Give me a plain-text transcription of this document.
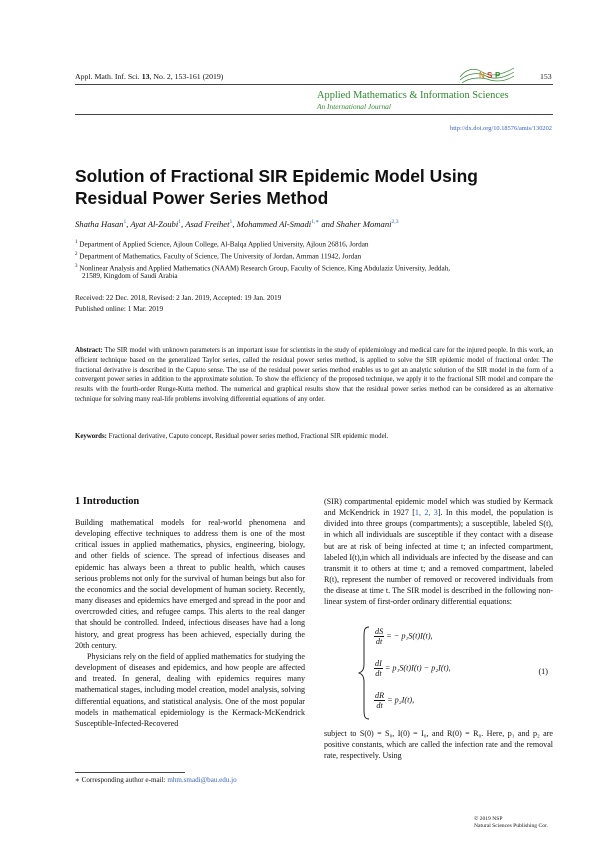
Appl. Math. Inf. Sci. 13, No. 2, 153-161 (2019)	N S P	153
Applied Mathematics & Information Sciences
An International Journal
http://dx.doi.org/10.18576/amis/130202
Solution of Fractional SIR Epidemic Model Using
Residual Power Series Method
Shatha Hasan$^1$, Ayat Al-Zoubi$^1$, Asad Freihet$^1$, Mohammed Al-Smadi$^{1,∗}$ and Shaher Momani$^{2,3}$
$^1$ Department of Applied Science, Ajloun College, Al-Balqa Applied University, Ajloun 26816, Jordan
$^2$ Department of Mathematics, Faculty of Science, The University of Jordan, Amman 11942, Jordan
$^3$ Nonlinear Analysis and Applied Mathematics (NAAM) Research Group, Faculty of Science, King Abdulaziz University, Jeddah,
21589, Kingdom of Saudi Arabia
Received: 22 Dec. 2018, Revised: 2 Jan. 2019, Accepted: 19 Jan. 2019
Published online: 1 Mar. 2019
Abstract: The SIR model with unknown parameters is an important issue for scientists in the study of epidemiology and medical care for the injured people. In this work, an efficient technique based on the generalized Taylor series, called the residual power series method, is applied to solve the SIR epidemic model of fractional order. The fractional derivative is described in the Caputo sense. The use of the residual power series method enables us to get an analytic solution of the SIR model in the form of a convergent power series in addition to the approximate solution. To show the efficiency of the proposed technique, we apply it to the fractional SIR model and compare the results with the fourth-order Runge-Kutta method. The numerical and graphical results show that the residual power series method can be considered as an alternative technique for solving many real-life problems involving differential equations of any order.
Keywords: Fractional derivative, Caputo concept, Residual power series method, Fractional SIR epidemic model.
1 Introduction

Building mathematical models for real-world phenomena and developing effective techniques to address them is one of the most critical issues in applied mathematics, physics, engineering, biology, and other fields of science. The spread of infectious diseases and epidemic has always been a threat to public health, which causes serious problems not only for the survival of human beings but also for the economics and the social development of human society. Recently, many diseases and epidemics have emerged and spread in the poor and overcrowded cities, and refugee camps. This alerts to the real danger that should be controlled. Indeed, infectious diseases have had a long history, and great progress has been achieved, especially during the 20th century.

Physicians rely on the field of applied mathematics for studying the development of diseases and epidemics, and how people are affected and treated. In general, dealing with epidemics requires many mathematical stages, including model creation, model analysis, solving differential equations, and statistical analysis. One of the most popular models in mathematical epidemiology is the Kermack-McKendrick Susceptible-Infected-Recovered

(SIR) compartmental epidemic model which was studied by Kermack and McKendrick in 1927 [1, 2, 3]. In this model, the population is divided into three groups (compartments); a susceptible, labeled S(t), in which all individuals are susceptible if they contact with a disease but are at risk of being infected at time t; an infected compartment, labeled I(t),in which all individuals are infected by the disease and can transmit it to others at time t; and a removed compartment, labeled R(t), represent the number of removed or recovered individuals from the disease at time t. The SIR model is described in the following non-linear system of first-order ordinary differential equations:

$\frac{dS}{dt}$ = − p₁S(t)I(t),
$\frac{dI}{dt} = p_1S(t)I(t) - p_2I(t)$,
$\frac{dR}{dt} = p_2I(t)$,
(1)

subject to S(0) = S₀, I(0) = I₀, and R(0) = R₀. Here, p₁ and p₂ are positive constants, which are called the infection rate and the removal rate, respectively. Using

∗ Corresponding author e-mail: mhm.smadi@bau.edu.jo
© 2019 NSP
Natural Sciences Publishing Cor.
